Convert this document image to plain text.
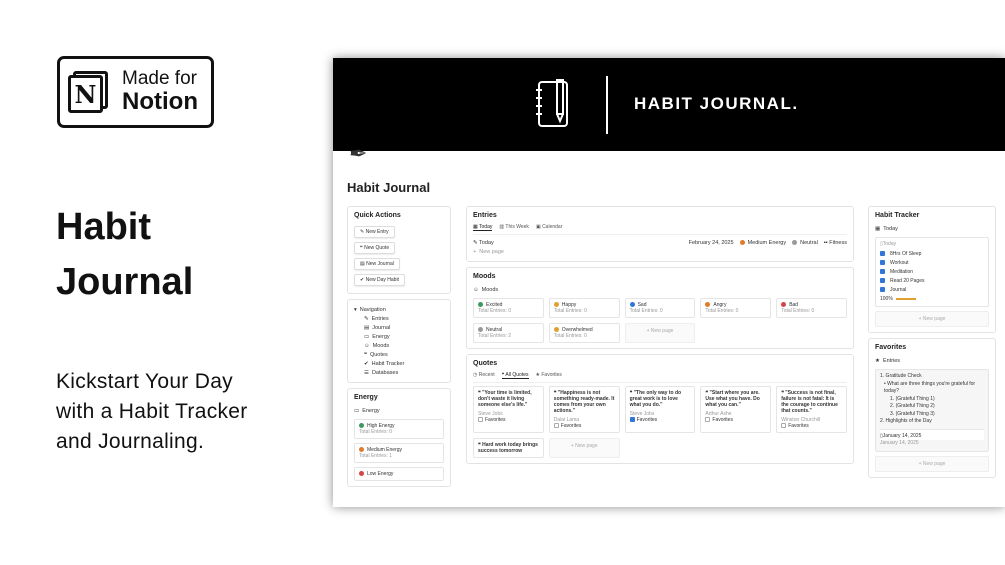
N
Made for
Notion
Habit
Journal
Kickstart Your Day
with a Habit Tracker
and Journaling.
HABIT JOURNAL.
✒
Habit Journal
Quick Actions
✎ New Entry
❝ New Quote
▤ New Journal
✔ New Day Habit
▾ Navigation
✎ Entries
▤ Journal
▭ Energy
☺ Moods
❝ Quotes
✔ Habit Tracker
☰ Databases
Energy
▭ Energy
High Energy
Total Entries: 0
Medium Energy
Total Entries: 1
Low Energy
Entries
▦ Today ▥ This Week ▣ Calendar
✎ Today	February 24, 2025	Medium Energy	Neutral ▪▪ Fitness
+ New page
Moods
☺ Moods
Excited
Total Entries: 0
Happy
Total Entries: 0
Sad
Total Entries: 0
Angry
Total Entries: 0
Bad
Total Entries: 0
Neutral
Total Entries: 2
Overwhelmed
Total Entries: 0
+ New page
Quotes
◷ Recent ❝ All Quotes ★ Favorites
❝ "Your time is limited, don't waste it living someone else's life."
Steve Jobs
Favorites
❝ "Happiness is not something ready-made. It comes from your own actions."
Dalai Lama
Favorites
❝ "The only way to do great work is to love what you do."
Steve Jobs
Favorites
❝ "Start where you are. Use what you have. Do what you can."
Arthur Ashe
Favorites
❝ "Success is not final, failure is not fatal: It is the courage to continue that counts."
Winston Churchill
Favorites
❝ Hard work today brings success tomorrow
+ New page
Habit Tracker
▦ Today
▯Today
8Hrs Of Sleep
Workout
Meditation
Read 20 Pages
Journal
100%
+ New page
Favorites
★ Entries
1. Gratitude Check
• What are three things you're grateful for today?
1. (Grateful Thing 1)
2. (Grateful Thing 2)
3. (Grateful Thing 3)
2. Highlights of the Day
▯January 14, 2025
January 14, 2025
+ New page
